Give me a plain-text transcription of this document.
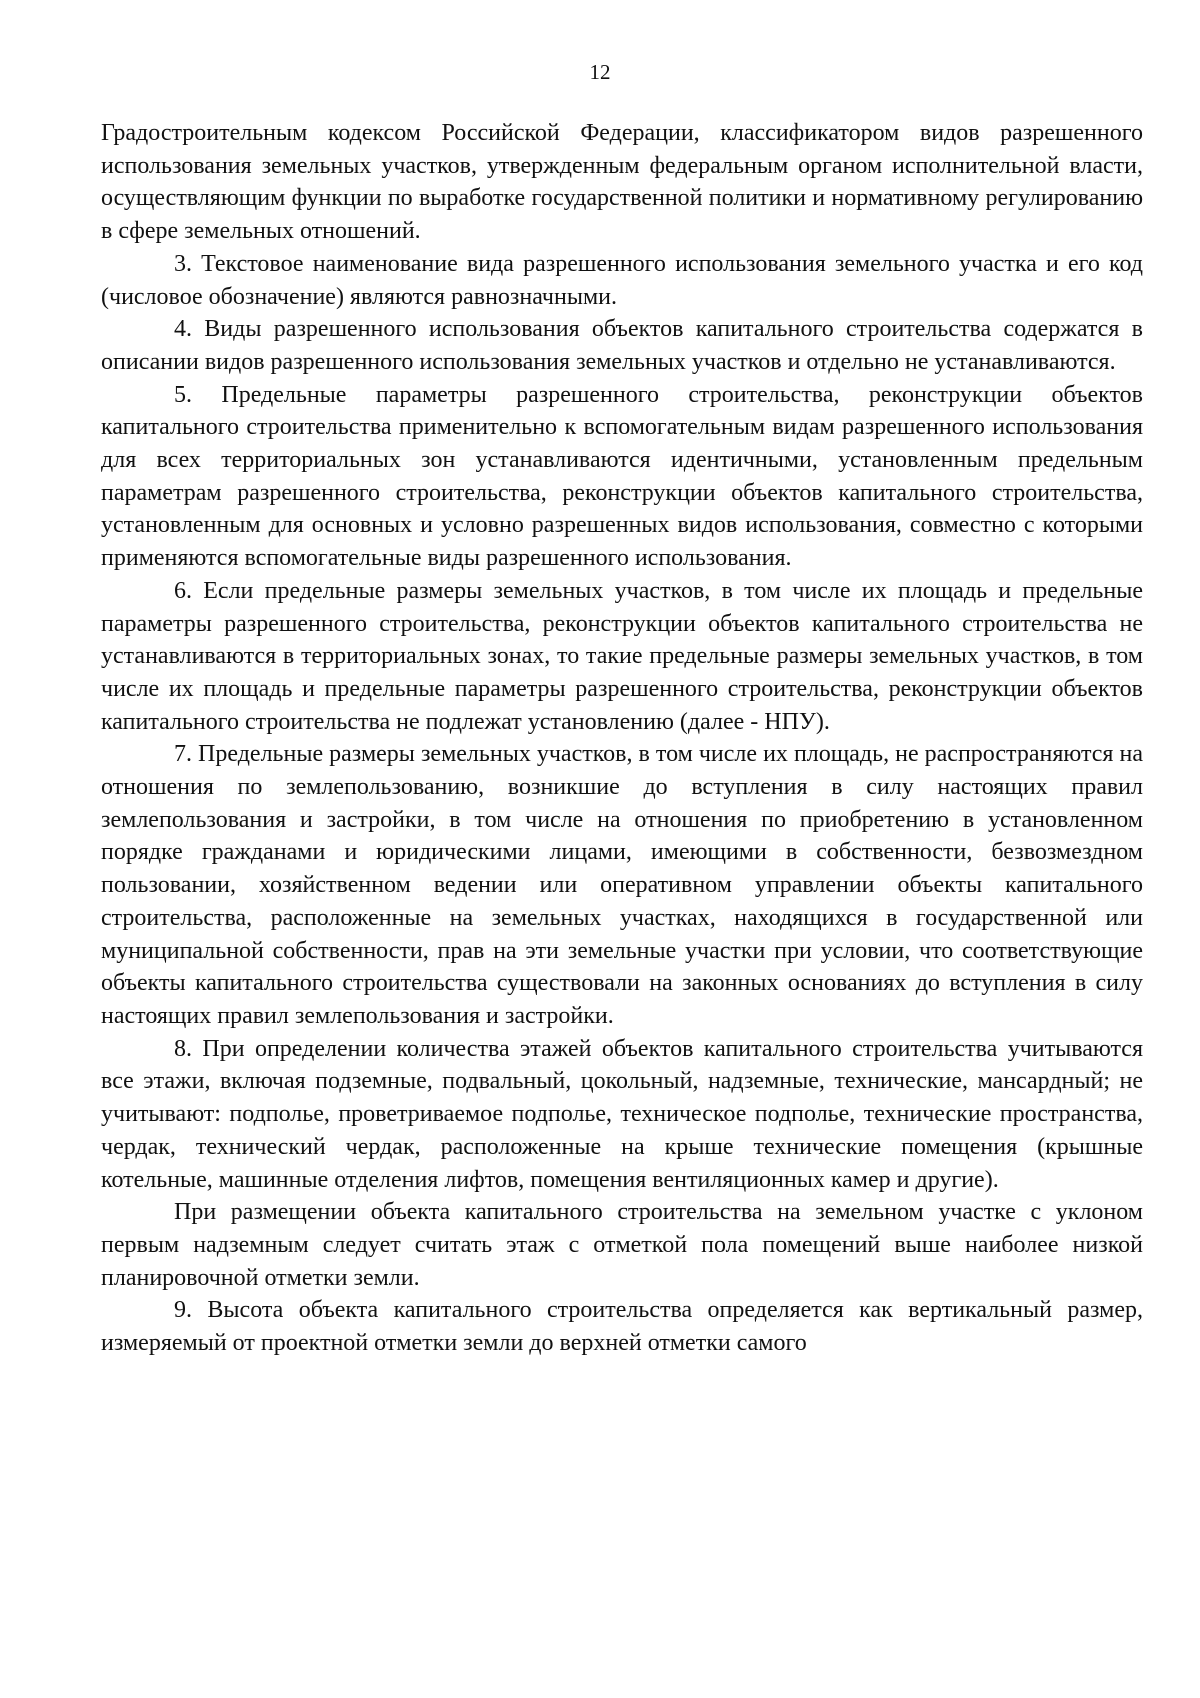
12

Градостроительным кодексом Российской Федерации, классификатором видов разрешенного использования земельных участков, утвержденным федеральным органом исполнительной власти, осуществляющим функции по выработке государственной политики и нормативному регулированию в сфере земельных отношений.

3. Текстовое наименование вида разрешенного использования земельного участка и его код (числовое обозначение) являются равнозначными.

4. Виды разрешенного использования объектов капитального строительства содержатся в описании видов разрешенного использования земельных участков и отдельно не устанавливаются.

5. Предельные параметры разрешенного строительства, реконструкции объектов капитального строительства применительно к вспомогательным видам разрешенного использования для всех территориальных зон устанавливаются идентичными, установленным предельным параметрам разрешенного строительства, реконструкции объектов капитального строительства, установленным для основных и условно разрешенных видов использования, совместно с которыми применяются вспомогательные виды разрешенного использования.

6. Если предельные размеры земельных участков, в том числе их площадь и предельные параметры разрешенного строительства, реконструкции объектов капитального строительства не устанавливаются в территориальных зонах, то такие предельные размеры земельных участков, в том числе их площадь и предельные параметры разрешенного строительства, реконструкции объектов капитального строительства не подлежат установлению (далее - НПУ).

7. Предельные размеры земельных участков, в том числе их площадь, не распространяются на отношения по землепользованию, возникшие до вступления в силу настоящих правил землепользования и застройки, в том числе на отношения по приобретению в установленном порядке гражданами и юридическими лицами, имеющими в собственности, безвозмездном пользовании, хозяйственном ведении или оперативном управлении объекты капитального строительства, расположенные на земельных участках, находящихся в государственной или муниципальной собственности, прав на эти земельные участки при условии, что соответствующие объекты капитального строительства существовали на законных основаниях до вступления в силу настоящих правил землепользования и застройки.

8. При определении количества этажей объектов капитального строительства учитываются все этажи, включая подземные, подвальный, цокольный, надземные, технические, мансардный; не учитывают: подполье, проветриваемое подполье, техническое подполье, технические пространства, чердак, технический чердак, расположенные на крыше технические помещения (крышные котельные, машинные отделения лифтов, помещения вентиляционных камер и другие).

При размещении объекта капитального строительства на земельном участке с уклоном первым надземным следует считать этаж с отметкой пола помещений выше наиболее низкой планировочной отметки земли.

9. Высота объекта капитального строительства определяется как вертикальный размер, измеряемый от проектной отметки земли до верхней отметки самого
